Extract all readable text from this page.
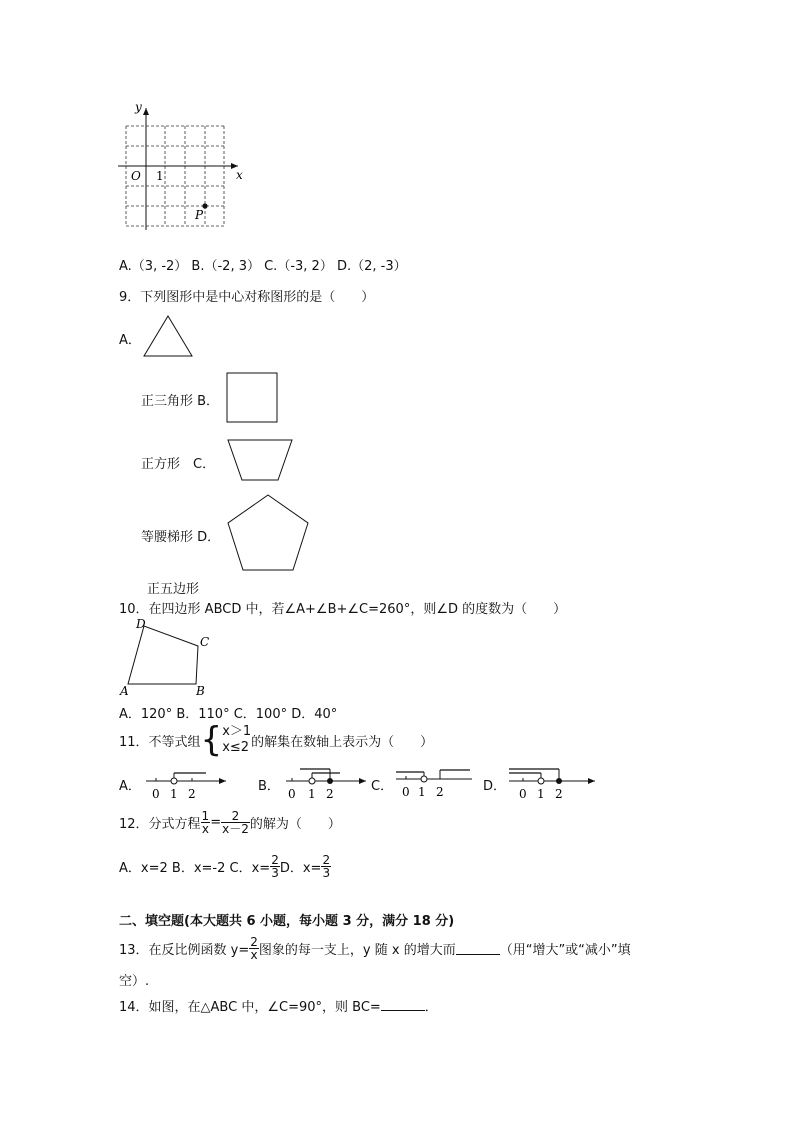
y
x
O 1
P
A.（3, -2） B.（-2, 3） C.（-3, 2） D.（2, -3）
9．下列图形中是中心对称图形的是（　　）
A．
正三角形 B．
正方形　C．
等腰梯形 D．
正五边形
10．在四边形 ABCD 中，若∠A+∠B+∠C=260°，则∠D 的度数为（　　）
D
C
A	B
A．120° B．110° C．100° D．40°
11．不等式组 { x＞1
x≤2 的解集在数轴上表示为（　　）
A． 0 1 2	B． 0 1 2	C． 0 1 2	D． 0 1 2
12．分式方程 $\frac{1}{x} = \frac{2}{x-2}$ 的解为（　　）
A．x=2
B．x=-2
C．$x= \frac{2}{3}$ D．$x= \frac{2}{3}$
二、填空题(本大题共 6 小题，每小题 3 分，满分 18 分)
13．在反比例函数 $y= \frac{2}{x}$ 图象的每一支上，y 随 x 的增大而	（用“增大”或“减小”填
空）.
14．如图，在△ABC 中，∠C=90°，则 BC=	．
